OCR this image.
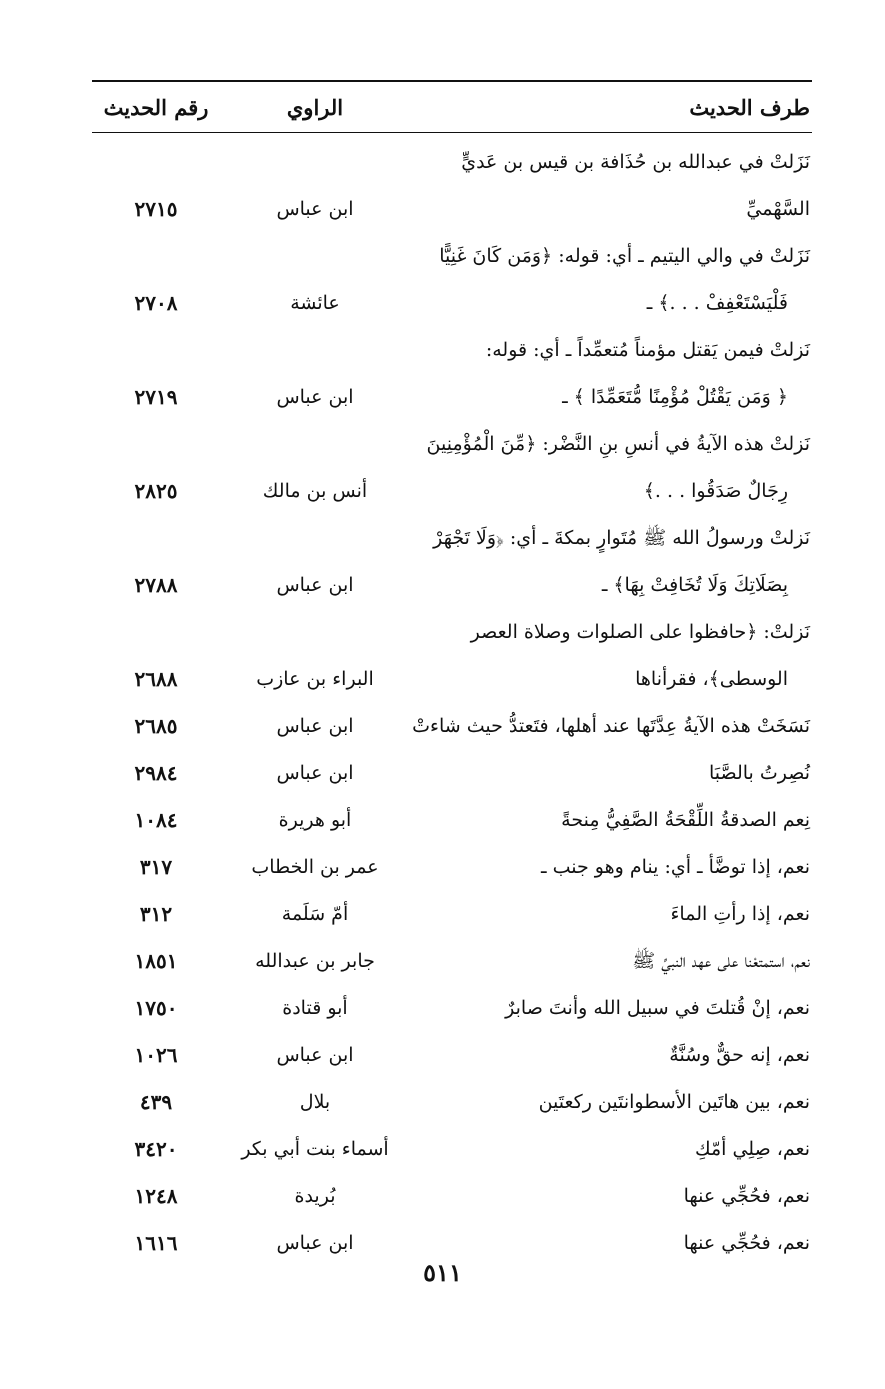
طرف الحديث
الراوي
رقم الحديث
نَزَلتْ في عبدالله بن حُذَافة بن قيس بن عَديٍّ السَّهْميِّ
ابن عباس
٢٧١٥
نَزَلتْ في والي اليتيم ـ أي: قوله: ﴿وَمَن كَانَ غَنِيًّا
فَلْيَسْتَعْفِفْ . . .﴾ ـ
عائشة
٢٧٠٨
نَزلتْ فيمن يَقتل مؤمناً مُتعمِّداً ـ أي: قوله:
﴿ وَمَن يَقْتُلْ مُؤْمِنًا مُّتَعَمِّدًا ﴾ ـ
ابن عباس
٢٧١٩
نَزلتْ هذه الآيةُ في أنسِ بنِ النَّضْر: ﴿مِّنَ الْمُؤْمِنِينَ
رِجَالٌ صَدَقُوا . . .﴾
أنس بن مالك
٢٨٢٥
نَزلتْ ورسولُ الله ﷺ مُتَوارٍ بمكةَ ـ أي: ﴿وَلَا تَجْهَرْ
بِصَلَاتِكَ وَلَا تُخَافِتْ بِهَا﴾ ـ
ابن عباس
٢٧٨٨
نَزلتْ: ﴿حافظوا على الصلوات وصلاة العصر
الوسطى﴾، فقرأناها
البراء بن عازب
٢٦٨٨
نَسَخَتْ هذه الآيةُ عِدَّتَها عند أهلها، فتَعتدُّ حيث شاءتْ
ابن عباس
٢٦٨٥
نُصِرتُ بالصَّبَا
ابن عباس
٢٩٨٤
نِعم الصدقةُ اللِّقْحَةُ الصَّفِيُّ مِنحةً
أبو هريرة
١٠٨٤
نعم، إذا توضَّأ ـ أي: ينام وهو جنب ـ
عمر بن الخطاب
٣١٧
نعم، إذا رأتِ الماءَ
أمّ سَلَمة
٣١٢
نعم، استمتعْنا على عهد النبيِّ ﷺ
جابر بن عبدالله
١٨٥١
نعم، إنْ قُتلتَ في سبيل الله وأنتَ صابرٌ
أبو قتادة
١٧٥٠
نعم، إنه حقٌّ وسُنَّةٌ
ابن عباس
١٠٢٦
نعم، بين هاتَين الأسطوانتَين ركعتَين
بلال
٤٣٩
نعم، صِلِي أمّكِ
أسماء بنت أبي بكر
٣٤٢٠
نعم، فحُجِّي عنها
بُريدة
١٢٤٨
نعم، فحُجِّي عنها
ابن عباس
١٦١٦
٥١١
